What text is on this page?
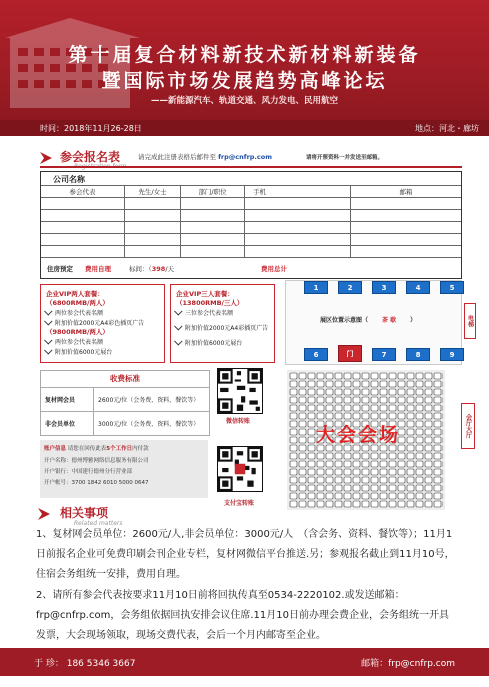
第十届复合材料新技术新材料新装备
暨国际市场发展趋势高峰论坛
——新能源汽车、轨道交通、风力发电、民用航空
时间：2018年11月26-28日	地点：河北・廊坊
参会报名表	请完成此注册表格后邮件至 frp@cnfrp.com	请将开票资料一并发送至邮箱。
公司名称
参会代表	先生/女士	部门/职位	手机	邮箱
住房预定 费用自理	标间：（398/天	费用总计
企业VIP两人套餐：
（6800RMB/两人）
两位参会代表名额
附加价值2000元A4彩色插页广告
（9800RMB/两人）
两位参会代表名额
附加价值6000元展台
企业VIP三人套餐：
（13800RMB/三人）
三位参会代表名额
附加价值2000元A4彩插页广告
附加价值6000元展台
1	2	3	4	5
展区位置示意图（ 茶 歇 ）
6	门	7	8	9
电梯
收费标准
复材网会员	2600元/位（会务费、资料、餐饮等）
非会员单位	3000元/位（会务费、资料、餐饮等）
账户信息 请您在回传此表5个工作日内付款
开户名称：德州博雅网络信息服务有限公司
开户银行：中国建行德州分行营业部
开户帐号：3700 1842 6010 5000 0647
微信转账
支付宝转账
大会会场	会厅大厅
相关事项
Related matters
1、复材网会员单位：2600元/人,非会员单位：3000元/人　（含会务、资料、餐饮等）；11月1日前报名企业可免费印刷会刊企业专栏，复材网微信平台推送.另；参观报名截止到11月10号，住宿会务组统一安排，费用自理。
2、请所有参会代表按要求11月10日前将回执传真至0534-2220102.或发送邮箱：frp@cnfrp.com，会务组依据回执安排会议住席.11月10日前办理会费企业，会务组统一开具发票，大会现场领取，现场交费代表，会后一个月内邮寄至企业。
于 珍： 186 5346 3667	邮箱：frp@cnfrp.com
